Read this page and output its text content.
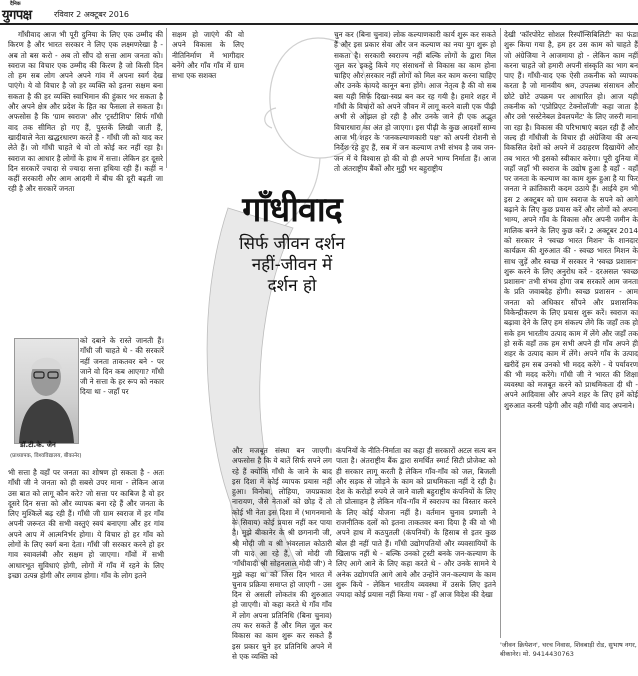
दैनिक
युगपक्ष	रविवार 2 अक्टूबर 2016

गाँधीवाद आज भी पूरी दुनिया के लिए एक उम्मीद की किरण है और भारत सरकार ने लिए एक लक्ष्मणरेखा है - अब तो बस करो - अब तो सौंप दो सत्ता आम जनता को। स्वराज का विचार एक उम्मीद की किरण है जो किसी दिन तो हम सब लोग अपने अपने गांव में अपना स्वर्ग देख पाएंगे। ये वो विचार है जो हर व्यक्ति को इतना सक्षम बना सकता है की हर व्यक्ति स्वाभिमान की हुंकार भर सकता है और अपने क्षेत्र और प्रदेश के हित का फैसला ले सकता है। अफसोस है कि 'ग्राम स्वराज' और 'ट्रस्टीशिप' सिर्फ गाँधी वाद तक सीमित हो गए हैं, पुस्तकें लिखी जाती हैं, खादीवाले नेता खद्धरधारण करते हैं - गाँधी जी को याद कर लेते हैं। जो गाँधी चाहते थे वो तो कोई कर नहीं रहा है। स्वराज का आधार है लोगों के हाथ में सत्ता। लेकिन हर दूसरे दिन सरकारें ज्यादा से ज्यादा सत्ता हथिया रही हैं। कहीं न कहीं सरकारी और आम आदमी में बीच की दूरी बढ़ती जा रही है और सरकारें जनता

सक्षम हो जाएंगे की वो अपने विकास के लिए नीतिनिर्माण में भागीदार बनेंगे और गाँव गाँव में ग्राम सभा एक सशक्त

डॉ.टी.के. जैन
(प्राध्यापक, विश्वविद्यालय, बीकानेर)

को दबाने के रास्ते जानती हैं। गाँधी जी चाहते थे - की सरकारें नहीं जनता ताकतवर बने - पर जाने वो दिन कब आएगा? गाँधी जी ने सत्ता के हर रूप को नकार दिया था - जहाँ पर

भी सत्ता है वहाँ पर जनता का शोषण हो सकता है - अतः गाँधी जी ने जनता को ही सबसे उपर माना - लेकिन आज उस बात को लागू कौन करे? जो सत्ता पर काबिज है वो हर दूसरे दिन सत्ता को और व्यापक बना रहे हैं और जनता के लिए मुश्किलें बढ़ रही हैं। गाँधी जी ग्राम स्वराज में हर गाँव अपनी जरूरत की सभी वस्तुएं स्वयं बनाएगा और हर गांव अपने आप में आत्मनिर्भर होगा। ये विचार हो हर गाँव को लोगों के लिए स्वर्ग बना देता। गाँधी जी सरकार करने हो हर गाव स्वावलंबी और सक्षम हो जाएगा। गाँवों में सभी आधारभूत सुविधाएं होगी, लोगों में गाँव में रहने के लिए इच्छा उत्पन्न होगी और लगाव होगा। गाँव के लोग इतने

गाँधीवाद
सिर्फ जीवन दर्शन
नहीं-जीवन में
दर्शन हो

और मजबूत संस्था बन जाएगी। अफसोस है कि ये बातें सिर्फ सपने लग रहे हैं क्योंकि गाँधी के जाने के बाद इस दिशा में कोई व्यापक प्रयास नहीं हुआ। विनोबा, लोहिया, जयप्रकाश नारायण, जैसे नेताओं को छोड़ दें तो कोई भी नेता इस दिशा में (भागनमानो के सिवाय) कोई प्रयास नहीं कर पाया है। मुझे बीकानेर के श्री छगनानी जी, श्री मोदी जी व श्री भंवरलाल कोठारी जी याद आ रहे हैं, जो मोदी जी 'गाँधीवादी श्री सोहनलाल मोदी जी') ने मुझे कहा था को जिस दिन भारत में चुनाव प्रक्रिया समाप्त हो जाएगी - उस दिन से असली लोकतंत्र की शुरुआत हो जाएगी। वो कहा करते थे गाँव गाँव में लोग अपना प्रतिनिधि (बिना चुनाव) तय कर सकते हैं और मिल जुल कर विकास का काम शुरू कर सकते हैं इस प्रकार चुने हर प्रतिनिधि अपने में से एक व्यक्ति को

चुन कर (बिना चुनाव) लोक कल्याणकारी कार्य शुरू कर सकते हैं और इस प्रकार सेवा और जन कल्याण का नया युग शुरू हो सकता है। सरकारी स्वराज्य नहीं बल्कि लोगों के द्वारा मिल जुल कर इकट्ठे किये गए संसाधनों से विकास का काम होना चाहिए और सरकार नहीं लोगों को मिल कर काम करना चाहिए और उनके कायदे कानून बना होंगे। आज नेतृत्व है की वो सब बस यही सिर्फ दिखा-स्वप्न बन कर रह गयी है। हमारे शहर में गाँधी के विचारों को अपने जीवन में लागू करने वाली एक पीढ़ी अभी से ओझल हो रही है और उनके जाने ही एक अद्भुत विचारधारा का अंत हो जाएगा। इस पीढ़ी के कुछ आदर्शों साम्य आज भी शहर के 'जनकल्याणकारी पक्ष' को अपनी रोशनी से निर्देश रहे हुए हैं, सब में जन कल्याण तभी संभव है जब जन-जन में ये विश्वास हो की वो ही अपने भाग्य निर्माता हैं। आज तो अंतराष्ट्रीय बैंकों और मुट्ठी भर बहुराष्ट्रीय

कंपनियों के नीति-निर्माता का कहा ही सरकारों अटल सत्य बन पाता है। अंतराष्ट्रीय बैंक द्वारा समर्थित स्मार्ट सिटी प्रोजेक्ट को ही सरकार लागू करती है लेकिन गाँव-गाँव को जल, बिजली और सड़क से जोड़ने के काम को प्राथमिकता नहीं दे रही है। देश के करोड़ों रुपये ले जाने वाली बहुराष्ट्रीय कंपनियों के लिए तो प्रोत्साहन है लेकिन गाँव-गाँव में स्वराज्य का विस्तार करने के लिए कोई योजना नहीं है। वर्तमान चुनाव प्रणाली ने राजनीतिक दलों को इतना ताकतवर बना दिया है की वो भी अपने हाथ में कठपुतली (कंपनियों) के हिसाब से इतर कुछ बोल ही नहीं पाते हैं। गाँधी उद्योगपतियों और व्यवसायियों के खिलाफ नहीं थे - बल्कि उनको ट्रस्टी बनके जन-कल्याण के लिए आगे आने के लिए कहा करते थे - और उनके सामने ये अनेक उद्योगपति आगे आये और उन्होंने जन-कल्याण के काम शुरू किये - लेकिन भारतीय व्यवस्था में उसके लिए इतने ज्यादा कोई प्रयास नहीं किया गया - हाँ आज विदेश की देखा

देखी 'कॉरपोरेट सोशल रिस्पॉन्सिबिलिटी' का फंडा शुरू किया गया है, हम हर उस काम को चाहते हैं जो अंग्रेजिया ने आजमाया हो - लेकिन काम नहीं करना चाहते जो हमारी अपनी संस्कृति का भाग बन पाए हैं। गाँधी-वाद एक ऐसी तकनीक को व्यापक करता है जो मानवीय श्रम, उपलब्ध संसाधन और छोटे छोटे उपक्रम पर आधारित हो। आज यही तकनीक को 'एप्रोप्रिएट टेक्नोलॉजी' कहा जाता है और उसे 'सस्टेनेबल डेवलपमेंट' के लिए जरुरी माना जा रहा है। विकास की परिभाषाएं बदल रही हैं और जल्द ही गाँधीजी के विचार ही अंग्रेजिया की अन्य विकसित देशों को अपने में उदाहरण दिखायेंगे और तब भारत भी इसको स्वीकार करेगा। पूरी दुनिया में जहाँ जहाँ भी स्वराज के उद्योष हुआ है वहाँ - वहाँ पर जनता के कल्याण का काम शुरू हुआ है या फिर जनता ने क्रांतिकारी कदम उठाये हैं। आईये हम भी इस 2 अक्टूबर को ग्राम स्वराज के सपने को आगे बढ़ाने के लिए कुछ प्रयास करें और लोगों को अपना भाग्य, अपने गाँव के विकास और अपनी जमीन के मालिक बनने के लिए कुछ करें। 2 अक्टूबर 2014 को सरकार ने 'स्वच्छ भारत मिशन' के शानदार कार्यक्रम की शुरुआत की - स्वच्छ भारत मिशन के साथ जुड़ें और स्वच्छ में सरकार ने 'स्वच्छ प्रशासन' शुरू करने के लिए अनुरोध करें - दरअसल 'स्वच्छ प्रशासन' तभी संभव होगा जब सरकारें आम जनता के प्रति जवाबदेह होगी। स्वच्छ प्रशासन - आम जनता को अधिकार सौंपने और प्रशासनिक विकेन्द्रीकरण के लिए प्रयास शुरू करें। स्वराज का बढ़ावा देने के लिए हम संकल्प लेंगे कि जहाँ तक हो सके हम भारतीय उत्पाद काम में लेंगे और जहाँ तक हो सकें वहाँ तक हम सभी अपने ही गाँव अपने ही शहर के उत्पाद काम में लेंगे। अपने गाँव के उत्पाद खरीदें हम सब उनको भी मदद करेंगे - ये पर्यावरण की भी मदद करेंगे। गाँधी जी ने भारत की शिक्षा व्यवस्था को मजबूत करने को प्राथमिकता दी थी - अपने आदिवास और अपने शहर के लिए हमें कोई शुरुआत करनी पड़ेगी और वही गाँधी वाद अपनाने।

'जीवन क्रियेशन', चरच निवास, शिवबाड़ी रोड, सुभाष नगर, बीकानेर। मो. 9414430763
